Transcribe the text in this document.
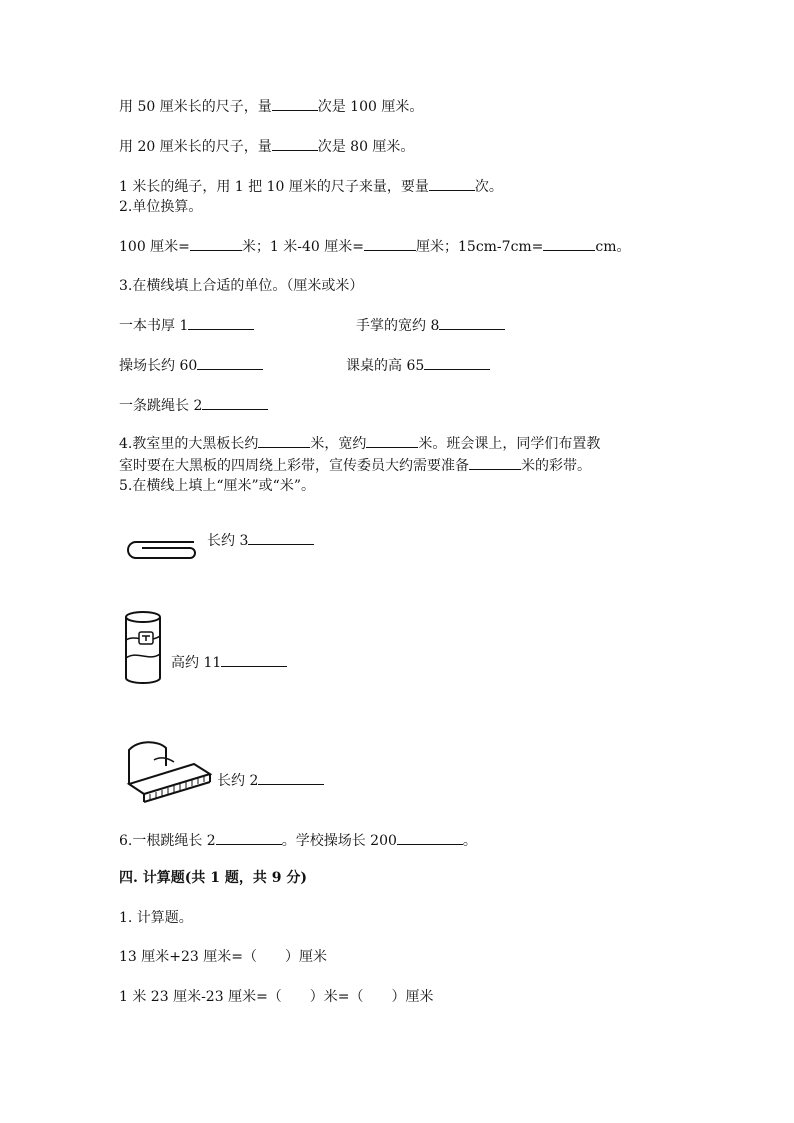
用 50 厘米长的尺子，量	次是 100 厘米。
用 20 厘米长的尺子，量	次是 80 厘米。
1 米长的绳子，用 1 把 10 厘米的尺子来量，要量	次。
2.单位换算。
100 厘米=	米；1 米-40 厘米=	厘米；15cm-7cm=	cm。
3.在横线填上合适的单位。（厘米或米）
一本书厚 1	手掌的宽约 8
操场长约 60	课桌的高 65
一条跳绳长 2
4.教室里的大黑板长约	米，宽约	米。班会课上，同学们布置教
室时要在大黑板的四周绕上彩带，宣传委员大约需要准备	米的彩带。
5.在横线上填上“厘米”或“米”。
长约 3
高约 11
长约 2
6.一根跳绳长 2	。学校操场长 200	。
四. 计算题(共 1 题，共 9 分)
1. 计算题。
13 厘米+23 厘米=（　　）厘米
1 米 23 厘米-23 厘米=（　　）米=（　　）厘米
